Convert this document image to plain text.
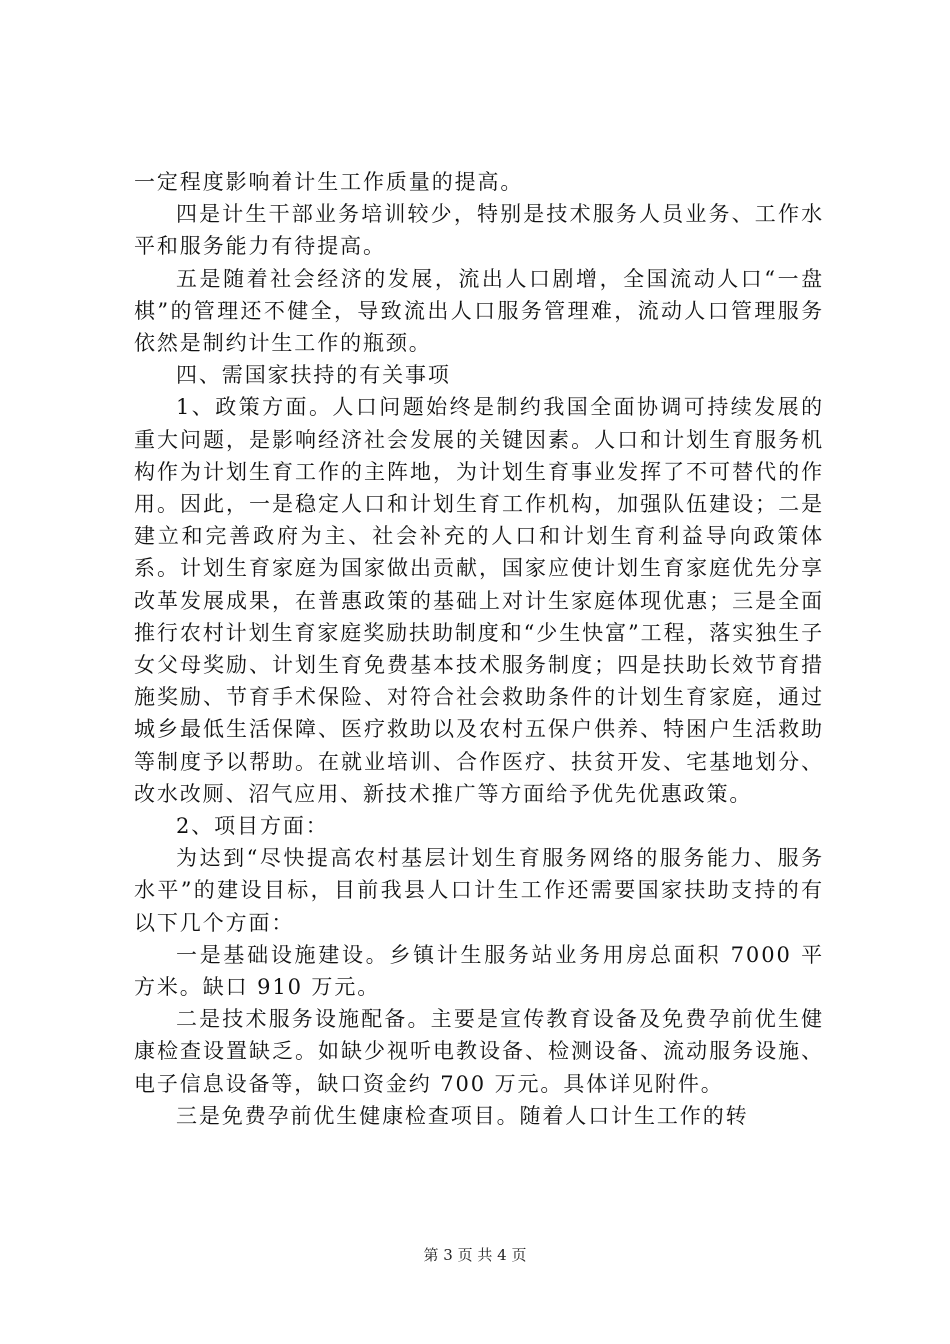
一定程度影响着计生工作质量的提高。

四是计生干部业务培训较少，特别是技术服务人员业务、工作水平和服务能力有待提高。

五是随着社会经济的发展，流出人口剧增，全国流动人口“一盘棋”的管理还不健全，导致流出人口服务管理难，流动人口管理服务依然是制约计生工作的瓶颈。

四、需国家扶持的有关事项

1、政策方面。人口问题始终是制约我国全面协调可持续发展的重大问题，是影响经济社会发展的关键因素。人口和计划生育服务机构作为计划生育工作的主阵地，为计划生育事业发挥了不可替代的作用。因此，一是稳定人口和计划生育工作机构，加强队伍建设；二是建立和完善政府为主、社会补充的人口和计划生育利益导向政策体系。计划生育家庭为国家做出贡献，国家应使计划生育家庭优先分享改革发展成果，在普惠政策的基础上对计生家庭体现优惠；三是全面推行农村计划生育家庭奖励扶助制度和“少生快富”工程，落实独生子女父母奖励、计划生育免费基本技术服务制度；四是扶助长效节育措施奖励、节育手术保险、对符合社会救助条件的计划生育家庭，通过城乡最低生活保障、医疗救助以及农村五保户供养、特困户生活救助等制度予以帮助。在就业培训、合作医疗、扶贫开发、宅基地划分、改水改厕、沼气应用、新技术推广等方面给予优先优惠政策。

2、项目方面：

为达到“尽快提高农村基层计划生育服务网络的服务能力、服务水平”的建设目标，目前我县人口计生工作还需要国家扶助支持的有以下几个方面：

一是基础设施建设。乡镇计生服务站业务用房总面积 7000 平方米。缺口 910 万元。

二是技术服务设施配备。主要是宣传教育设备及免费孕前优生健康检查设置缺乏。如缺少视听电教设备、检测设备、流动服务设施、电子信息设备等，缺口资金约 700 万元。具体详见附件。

三是免费孕前优生健康检查项目。随着人口计生工作的转

第 3 页 共 4 页
